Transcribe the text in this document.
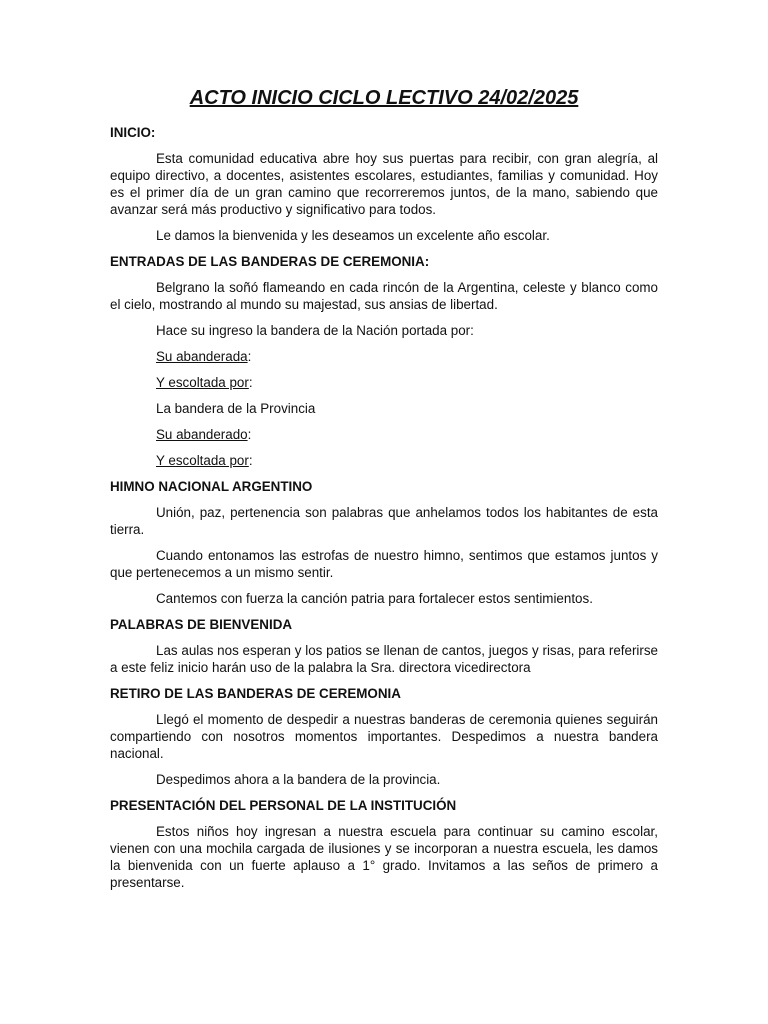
ACTO INICIO CICLO LECTIVO 24/02/2025
INICIO:
Esta comunidad educativa abre hoy sus puertas para recibir, con gran alegría, al equipo directivo, a docentes, asistentes escolares, estudiantes, familias y comunidad. Hoy es el primer día de un gran camino que recorreremos juntos, de la mano, sabiendo que avanzar será más productivo y significativo para todos.
Le damos la bienvenida y les deseamos un excelente año escolar.
ENTRADAS DE LAS BANDERAS DE CEREMONIA:
Belgrano la soñó flameando en cada rincón de la Argentina, celeste y blanco como el cielo, mostrando al mundo su majestad, sus ansias de libertad.
Hace su ingreso la bandera de la Nación portada por:
Su abanderada:
Y escoltada por:
La bandera de la Provincia
Su abanderado:
Y escoltada por:
HIMNO NACIONAL ARGENTINO
Unión, paz, pertenencia son palabras que anhelamos todos los habitantes de esta tierra.
Cuando entonamos las estrofas de nuestro himno, sentimos que estamos juntos y que pertenecemos a un mismo sentir.
Cantemos con fuerza la canción patria para fortalecer estos sentimientos.
PALABRAS DE BIENVENIDA
Las aulas nos esperan y los patios se llenan de cantos, juegos y risas, para referirse a este feliz inicio harán uso de la palabra la Sra. directora vicedirectora
RETIRO DE LAS BANDERAS DE CEREMONIA
Llegó el momento de despedir a nuestras banderas de ceremonia quienes seguirán compartiendo con nosotros momentos importantes. Despedimos a nuestra bandera nacional.
Despedimos ahora a la bandera de la provincia.
PRESENTACIÓN DEL PERSONAL DE LA INSTITUCIÓN
Estos niños hoy ingresan a nuestra escuela para continuar su camino escolar, vienen con una mochila cargada de ilusiones y se incorporan a nuestra escuela, les damos la bienvenida con un fuerte aplauso a 1° grado. Invitamos a las seños de primero a presentarse.
